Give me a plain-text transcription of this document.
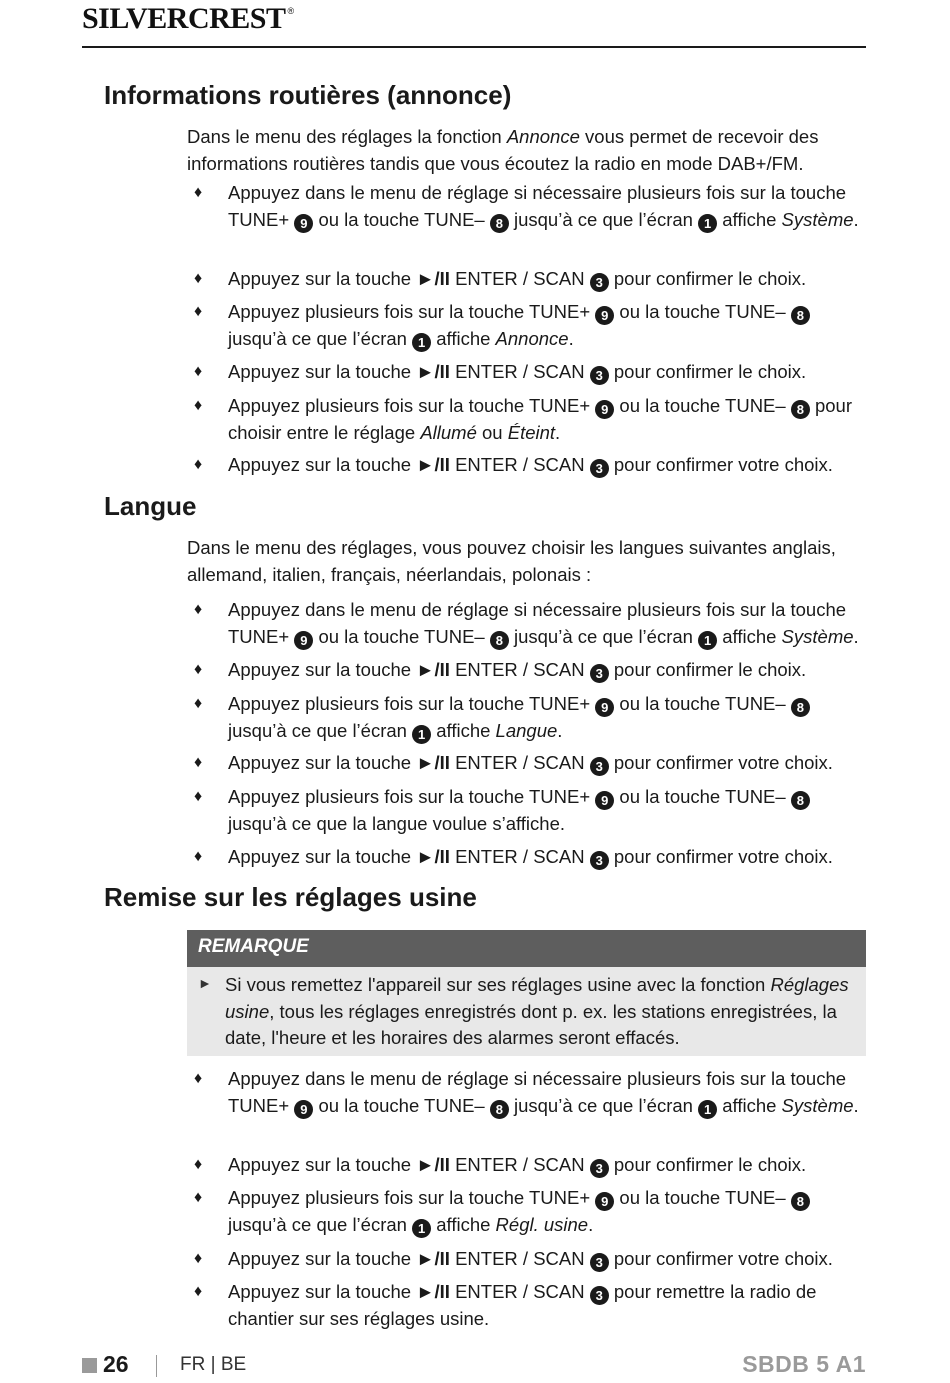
SILVERCREST ®
Informations routières (annonce)
Dans le menu des réglages la fonction Annonce vous permet de recevoir des informations routières tandis que vous écoutez la radio en mode DAB+/FM.
♦ Appuyez dans le menu de réglage si nécessaire plusieurs fois sur la touche TUNE+ 9 ou la touche TUNE– 8 jusqu’à ce que l’écran 1 affiche Système.
♦ Appuyez sur la touche ►/II ENTER / SCAN 3 pour confirmer le choix.
♦ Appuyez plusieurs fois sur la touche TUNE+ 9 ou la touche TUNE– 8 jusqu’à ce que l’écran 1 affiche Annonce.
♦ Appuyez sur la touche ►/II ENTER / SCAN 3 pour confirmer le choix.
♦ Appuyez plusieurs fois sur la touche TUNE+ 9 ou la touche TUNE– 8 pour choisir entre le réglage Allumé ou Éteint.
♦ Appuyez sur la touche ►/II ENTER / SCAN 3 pour confirmer votre choix.
Langue
Dans le menu des réglages, vous pouvez choisir les langues suivantes anglais, allemand, italien, français, néerlandais, polonais :
♦ Appuyez dans le menu de réglage si nécessaire plusieurs fois sur la touche TUNE+ 9 ou la touche TUNE– 8 jusqu’à ce que l’écran 1 affiche Système.
♦ Appuyez sur la touche ►/II ENTER / SCAN 3 pour confirmer le choix.
♦ Appuyez plusieurs fois sur la touche TUNE+ 9 ou la touche TUNE– 8 jusqu’à ce que l’écran 1 affiche Langue.
♦ Appuyez sur la touche ►/II ENTER / SCAN 3 pour confirmer votre choix.
♦ Appuyez plusieurs fois sur la touche TUNE+ 9 ou la touche TUNE– 8 jusqu’à ce que la langue voulue s’affiche.
♦ Appuyez sur la touche ►/II ENTER / SCAN 3 pour confirmer votre choix.
Remise sur les réglages usine
♦ Appuyez dans le menu de réglage si nécessaire plusieurs fois sur la touche TUNE+ 9 ou la touche TUNE– 8 jusqu’à ce que l’écran 1 affiche Système.
♦ Appuyez sur la touche ►/II ENTER / SCAN 3 pour confirmer le choix.
♦ Appuyez plusieurs fois sur la touche TUNE+ 9 ou la touche TUNE– 8 jusqu’à ce que l’écran 1 affiche Régl. usine.
♦ Appuyez sur la touche ►/II ENTER / SCAN 3 pour confirmer votre choix.
♦ Appuyez sur la touche ►/II ENTER / SCAN 3 pour remettre la radio de chantier sur ses réglages usine.
REMARQUE
► Si vous remettez l'appareil sur ses réglages usine avec la fonction Réglages usine, tous les réglages enregistrés dont p. ex. les stations enregistrées, la date, l'heure et les horaires des alarmes seront effacés.
26	FR | BE	SBDB 5 A1
